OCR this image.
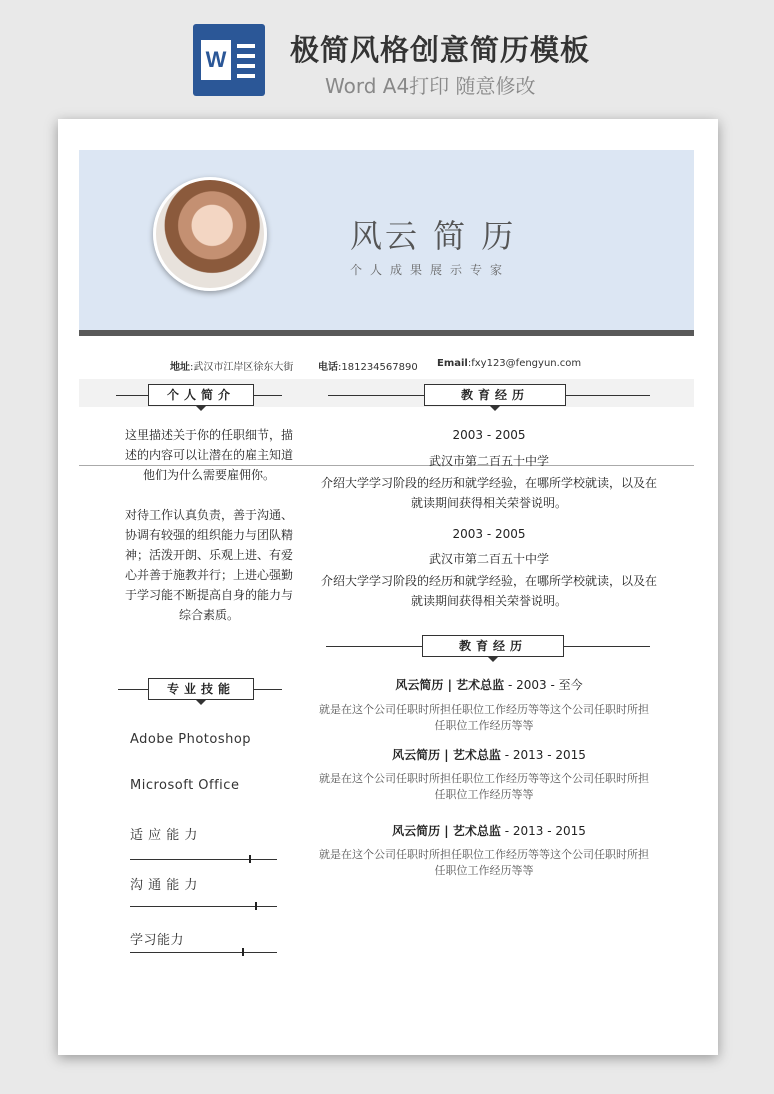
W 极简风格创意简历模板
Word A4打印 随意修改
风云 简 历
个人成果展示专家
地址:武汉市江岸区徐东大街 电话:181234567890 Email:fxy123@fengyun.com
个人简介	教育经历
这里描述关于你的任职细节，描述的内容可以让潜在的雇主知道他们为什么需要雇佣你。
对待工作认真负责，善于沟通、协调有较强的组织能力与团队精神；活泼开朗、乐观上进、有爱心并善于施教并行；上进心强勤于学习能不断提高自身的能力与综合素质。
2003 - 2005
武汉市第二百五十中学
介绍大学学习阶段的经历和就学经验，在哪所学校就读，以及在就读期间获得相关荣誉说明。
2003 - 2005
武汉市第二百五十中学
介绍大学学习阶段的经历和就学经验，在哪所学校就读，以及在就读期间获得相关荣誉说明。
教育经历
风云简历 | 艺术总监 - 2003 - 至今
就是在这个公司任职时所担任职位工作经历等等这个公司任职时所担任职位工作经历等等
风云简历 | 艺术总监 - 2013 - 2015
就是在这个公司任职时所担任职位工作经历等等这个公司任职时所担任职位工作经历等等
风云简历 | 艺术总监 - 2013 - 2015
就是在这个公司任职时所担任职位工作经历等等这个公司任职时所担任职位工作经历等等
专业技能
Adobe Photoshop
Microsoft Office
适 应 能 力
沟 通 能 力
学习能力
